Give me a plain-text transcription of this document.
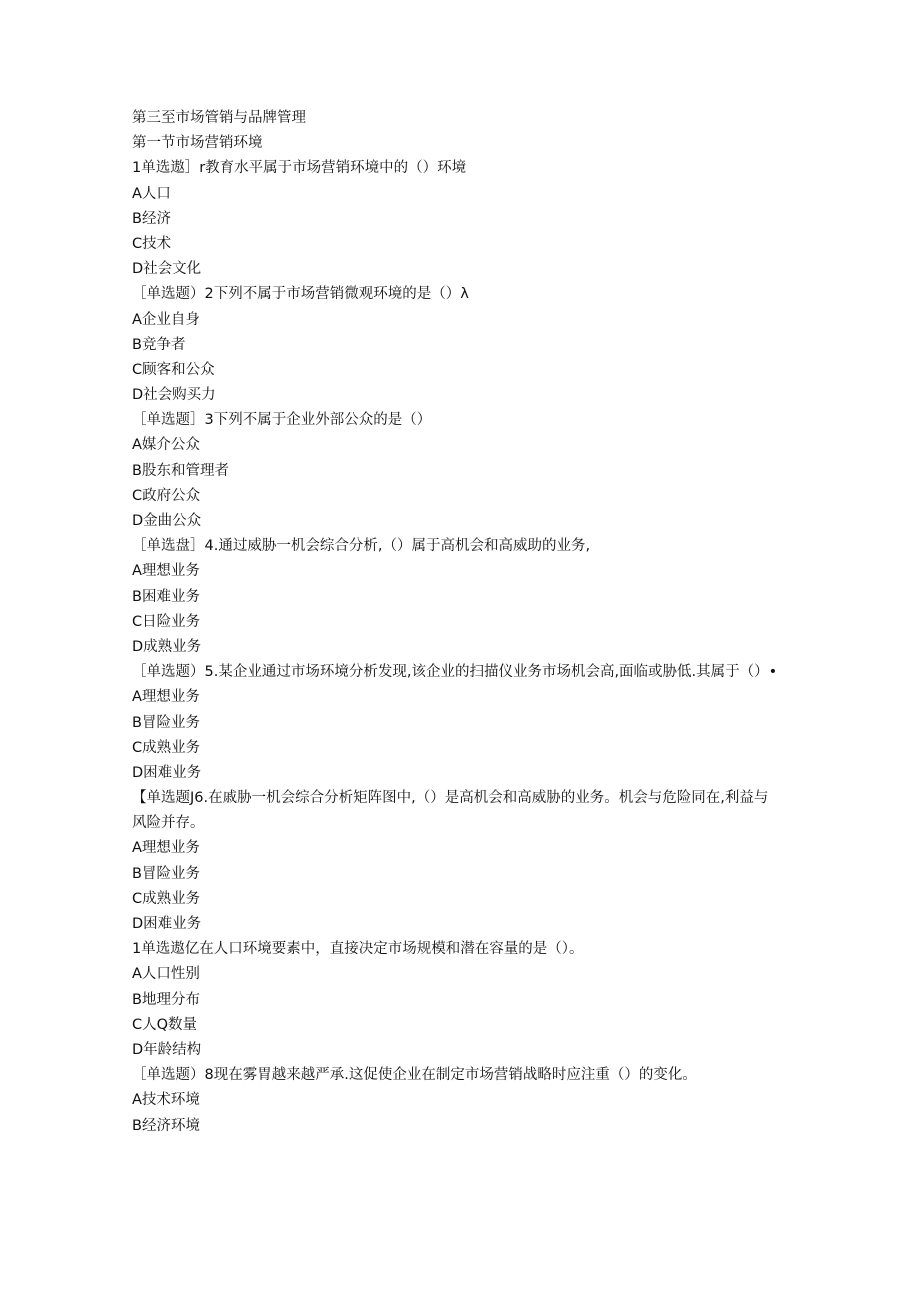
第三至市场管销与品牌管理
第一节市场营销环境
1单选遨］r教育水平属于市场营销环境中的（）环境
A人口
B经济
C技术
D社会文化
［单选题）2下列不属于市场营销微观环境的是（）λ
A企业自身
B竞争者
C顾客和公众
D社会购买力
［单选题］3下列不属于企业外部公众的是（）
A媒介公众
B股东和管理者
C政府公众
D金曲公众
［单选盘］4.通过威胁一机会综合分析,（）属于高机会和高威助的业务,
A理想业务
B困难业务
C日险业务
D成熟业务
［单选题）5.某企业通过市场环境分析发现,该企业的扫描仪业务市场机会高,面临或胁低.其属于（）•
A理想业务
B冒险业务
C成熟业务
D困难业务
【单选题J6.在戚胁一机会综合分析矩阵图中,（）是高机会和高威胁的业务。机会与危险同在,利益与风险并存。
A理想业务
B冒险业务
C成熟业务
D困难业务
1单选遨亿在人口环境要素中，直接决定市场规模和潜在容量的是（）。
A人口性别
B地理分布
C人Q数量
D年龄结构
［单选题）8现在雾胃越来越严承.这促使企业在制定市场营销战略时应注重（）的变化。
A技术环境
B经济环境
